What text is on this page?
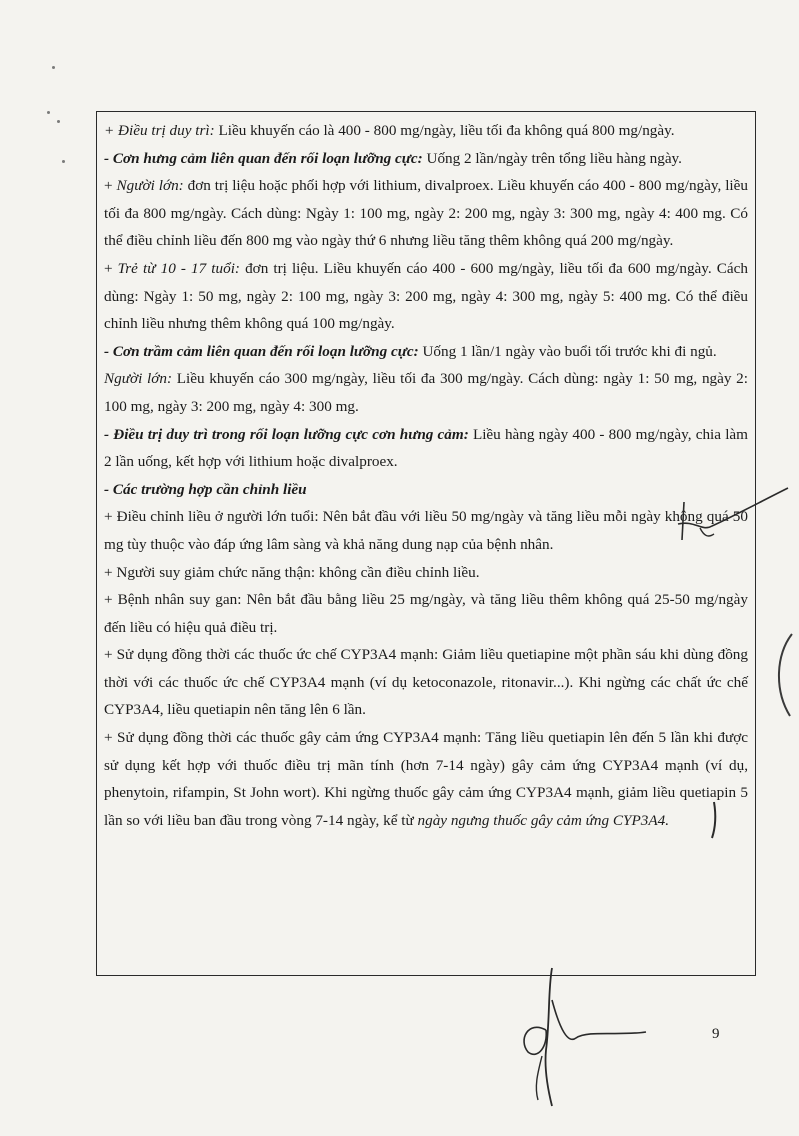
+ Điều trị duy trì: Liều khuyến cáo là 400 - 800 mg/ngày, liều tối đa không quá 800 mg/ngày.

- Cơn hưng cảm liên quan đến rối loạn lưỡng cực: Uống 2 lần/ngày trên tổng liều hàng ngày.

+ Người lớn: đơn trị liệu hoặc phối hợp với lithium, divalproex. Liều khuyến cáo 400 - 800 mg/ngày, liều tối đa 800 mg/ngày. Cách dùng: Ngày 1: 100 mg, ngày 2: 200 mg, ngày 3: 300 mg, ngày 4: 400 mg. Có thể điều chỉnh liều đến 800 mg vào ngày thứ 6 nhưng liều tăng thêm không quá 200 mg/ngày.

+ Trẻ từ 10 - 17 tuổi: đơn trị liệu. Liều khuyến cáo 400 - 600 mg/ngày, liều tối đa 600 mg/ngày. Cách dùng: Ngày 1: 50 mg, ngày 2: 100 mg, ngày 3: 200 mg, ngày 4: 300 mg, ngày 5: 400 mg. Có thể điều chỉnh liều nhưng thêm không quá 100 mg/ngày.

- Cơn trầm cảm liên quan đến rối loạn lưỡng cực: Uống 1 lần/1 ngày vào buổi tối trước khi đi ngủ.

Người lớn: Liều khuyến cáo 300 mg/ngày, liều tối đa 300 mg/ngày. Cách dùng: ngày 1: 50 mg, ngày 2: 100 mg, ngày 3: 200 mg, ngày 4: 300 mg.

- Điều trị duy trì trong rối loạn lưỡng cực cơn hưng cảm: Liều hàng ngày 400 - 800 mg/ngày, chia làm 2 lần uống, kết hợp với lithium hoặc divalproex.

- Các trường hợp cần chỉnh liều

+ Điều chỉnh liều ở người lớn tuổi: Nên bắt đầu với liều 50 mg/ngày và tăng liều mỗi ngày không quá 50 mg tùy thuộc vào đáp ứng lâm sàng và khả năng dung nạp của bệnh nhân.

+ Người suy giảm chức năng thận: không cần điều chỉnh liều.

+ Bệnh nhân suy gan: Nên bắt đầu bằng liều 25 mg/ngày, và tăng liều thêm không quá 25-50 mg/ngày đến liều có hiệu quả điều trị.

+ Sử dụng đồng thời các thuốc ức chế CYP3A4 mạnh: Giảm liều quetiapine một phần sáu khi dùng đồng thời với các thuốc ức chế CYP3A4 mạnh (ví dụ ketoconazole, ritonavir...). Khi ngừng các chất ức chế CYP3A4, liều quetiapin nên tăng lên 6 lần.

+ Sử dụng đồng thời các thuốc gây cảm ứng CYP3A4 mạnh: Tăng liều quetiapin lên đến 5 lần khi được sử dụng kết hợp với thuốc điều trị mãn tính (hơn 7-14 ngày) gây cảm ứng CYP3A4 mạnh (ví dụ, phenytoin, rifampin, St John wort). Khi ngừng thuốc gây cảm ứng CYP3A4 mạnh, giảm liều quetiapin 5 lần so với liều ban đầu trong vòng 7-14 ngày, kể từ ngày ngưng thuốc gây cảm ứng CYP3A4.

9
